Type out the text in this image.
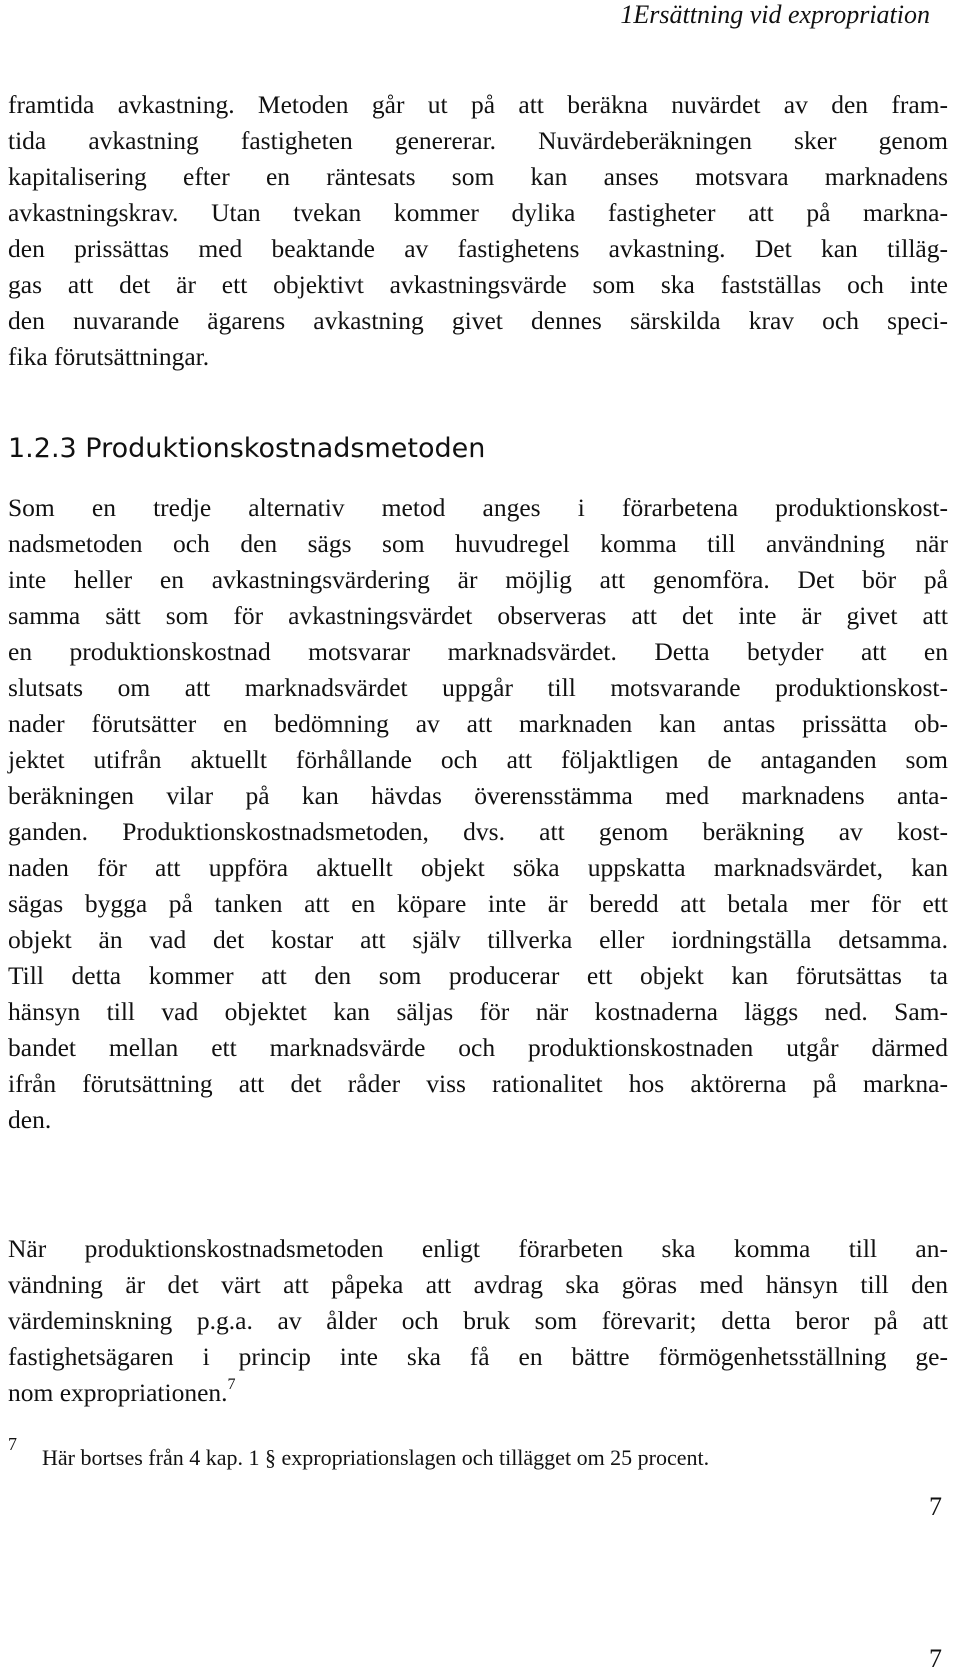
1Ersättning vid expropriation
framtida avkastning. Metoden går ut på att beräkna nuvärdet av den fram-
tida avkastning fastigheten genererar. Nuvärdeberäkningen sker genom
kapitalisering efter en räntesats som kan anses motsvara marknadens
avkastningskrav. Utan tvekan kommer dylika fastigheter att på markna-
den prissättas med beaktande av fastighetens avkastning. Det kan tilläg-
gas att det är ett objektivt avkastningsvärde som ska fastställas och inte
den nuvarande ägarens avkastning givet dennes särskilda krav och speci-
fika förutsättningar.
1.2.3 Produktionskostnadsmetoden
Som en tredje alternativ metod anges i förarbetena produktionskost-
nadsmetoden och den sägs som huvudregel komma till användning när
inte heller en avkastningsvärdering är möjlig att genomföra. Det bör på
samma sätt som för avkastningsvärdet observeras att det inte är givet att
en produktionskostnad motsvarar marknadsvärdet. Detta betyder att en
slutsats om att marknadsvärdet uppgår till motsvarande produktionskost-
nader förutsätter en bedömning av att marknaden kan antas prissätta ob-
jektet utifrån aktuellt förhållande och att följaktligen de antaganden som
beräkningen vilar på kan hävdas överensstämma med marknadens anta-
ganden. Produktionskostnadsmetoden, dvs. att genom beräkning av kost-
naden för att uppföra aktuellt objekt söka uppskatta marknadsvärdet, kan
sägas bygga på tanken att en köpare inte är beredd att betala mer för ett
objekt än vad det kostar att själv tillverka eller iordningställa detsamma.
Till detta kommer att den som producerar ett objekt kan förutsättas ta
hänsyn till vad objektet kan säljas för när kostnaderna läggs ned. Sam-
bandet mellan ett marknadsvärde och produktionskostnaden utgår därmed
ifrån förutsättning att det råder viss rationalitet hos aktörerna på markna-
den.
När produktionskostnadsmetoden enligt förarbeten ska komma till an-
vändning är det värt att påpeka att avdrag ska göras med hänsyn till den
värdeminskning p.g.a. av ålder och bruk som förevarit; detta beror på att
fastighetsägaren i princip inte ska få en bättre förmögenhetsställning ge-
nom expropriationen.$^7$
7
Här bortses från 4 kap. 1 § expropriationslagen och tillägget om 25 procent.
7
7
